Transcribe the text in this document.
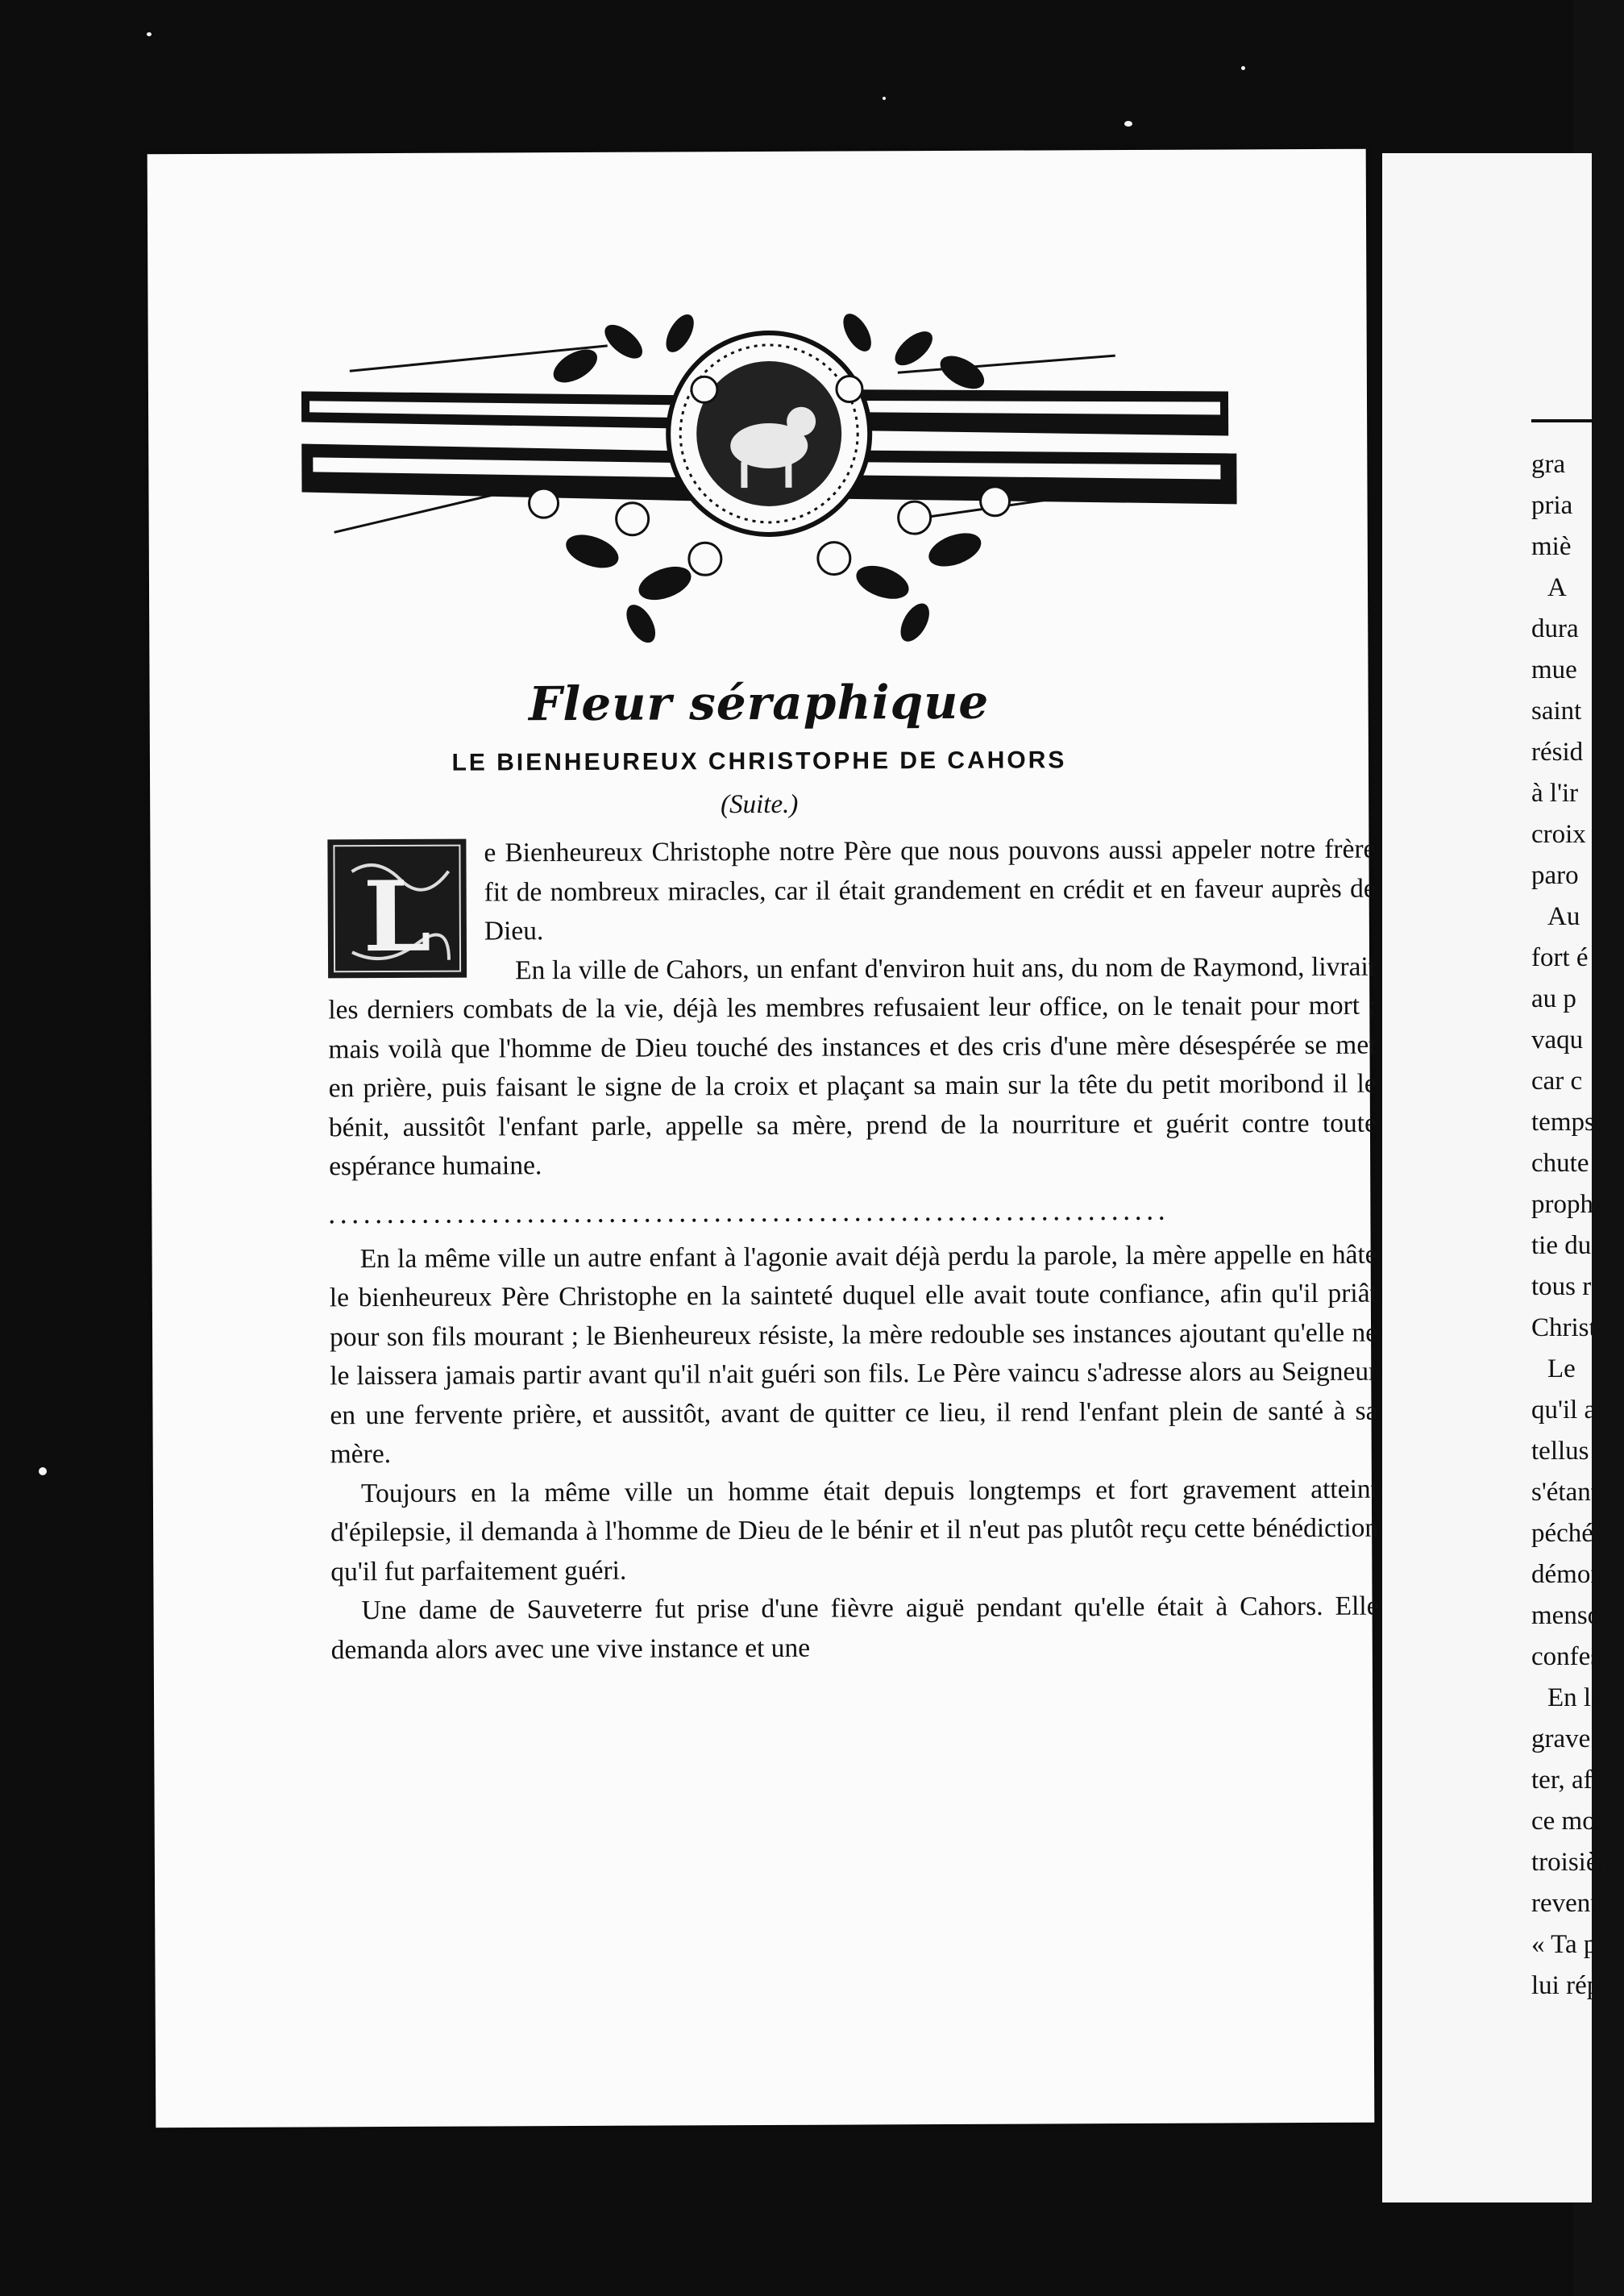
Fleur séraphique
LE BIENHEUREUX CHRISTOPHE DE CAHORS
(Suite.)
L

e Bienheureux Christophe notre Père que nous pouvons aussi appeler notre frère fit de nombreux miracles, car il était grandement en crédit et en faveur auprès de Dieu.

En la ville de Cahors, un enfant d'environ huit ans, du nom de Raymond, livrait les derniers combats de la vie, déjà les membres refusaient leur office, on le tenait pour mort ; mais voilà que l'homme de Dieu touché des instances et des cris d'une mère désespérée se met en prière, puis faisant le signe de la croix et plaçant sa main sur la tête du petit moribond il le bénit, aussitôt l'enfant parle, appelle sa mère, prend de la nourriture et guérit contre toute espérance humaine.

........................................................................

En la même ville un autre enfant à l'agonie avait déjà perdu la parole, la mère appelle en hâte le bienheureux Père Christophe en la sainteté duquel elle avait toute confiance, afin qu'il priât pour son fils mourant ; le Bienheureux résiste, la mère redouble ses instances ajoutant qu'elle ne le laissera jamais partir avant qu'il n'ait guéri son fils. Le Père vaincu s'adresse alors au Seigneur en une fervente prière, et aussitôt, avant de quitter ce lieu, il rend l'enfant plein de santé à sa mère.

Toujours en la même ville un homme était depuis longtemps et fort gravement atteint d'épilepsie, il demanda à l'homme de Dieu de le bénir et il n'eut pas plutôt reçu cette bénédiction qu'il fut parfaitement guéri.

Une dame de Sauveterre fut prise d'une fièvre aiguë pendant qu'elle était à Cahors. Elle demanda alors avec une vive instance et une

gra
pria
miè
A
dura
mue
saint
résid
à l'ir
croix
paro
Au
fort é
au p
vaqu
car c
temps
chute
proph
tie du
tous r
Christ
Le
qu'il a
tellus
s'étant
péché
démon
mensor
confess
En la
grave r
ter, afin
ce mond
troisièm
revenu
« Ta par
lui répor
